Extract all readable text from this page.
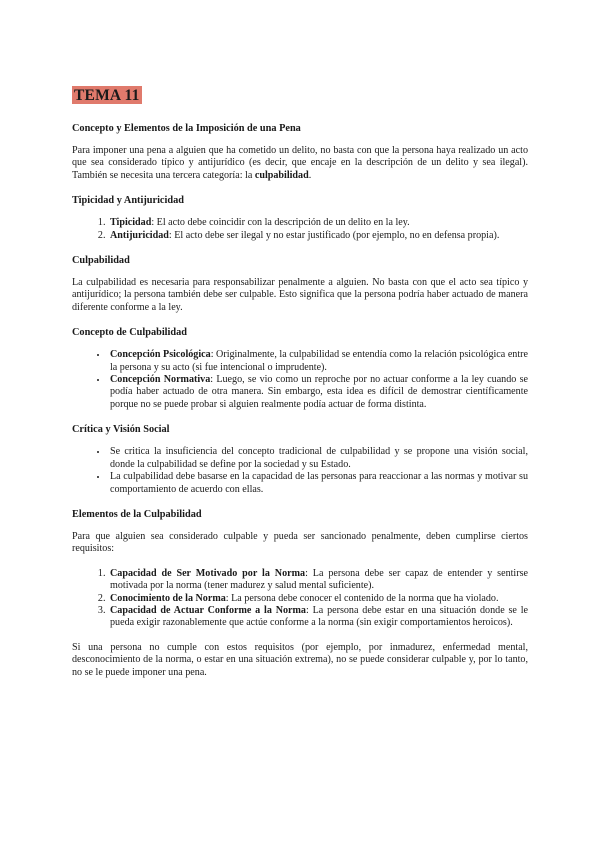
TEMA 11
Concepto y Elementos de la Imposición de una Pena

Para imponer una pena a alguien que ha cometido un delito, no basta con que la persona haya realizado un acto que sea considerado típico y antijurídico (es decir, que encaje en la descripción de un delito y sea ilegal). También se necesita una tercera categoría: la culpabilidad.

Tipicidad y Antijuricidad
1. Tipicidad: El acto debe coincidir con la descripción de un delito en la ley.
2. Antijuricidad: El acto debe ser ilegal y no estar justificado (por ejemplo, no en defensa propia).
Culpabilidad

La culpabilidad es necesaria para responsabilizar penalmente a alguien. No basta con que el acto sea típico y antijurídico; la persona también debe ser culpable. Esto significa que la persona podría haber actuado de manera diferente conforme a la ley.

Concepto de Culpabilidad
• Concepción Psicológica: Originalmente, la culpabilidad se entendía como la relación psicológica entre la persona y su acto (si fue intencional o imprudente).
• Concepción Normativa: Luego, se vio como un reproche por no actuar conforme a la ley cuando se podía haber actuado de otra manera. Sin embargo, esta idea es difícil de demostrar científicamente porque no se puede probar si alguien realmente podía actuar de forma distinta.
Crítica y Visión Social
• Se critica la insuficiencia del concepto tradicional de culpabilidad y se propone una visión social, donde la culpabilidad se define por la sociedad y su Estado.
• La culpabilidad debe basarse en la capacidad de las personas para reaccionar a las normas y motivar su comportamiento de acuerdo con ellas.
Elementos de la Culpabilidad

Para que alguien sea considerado culpable y pueda ser sancionado penalmente, deben cumplirse ciertos requisitos:

1. Capacidad de Ser Motivado por la Norma: La persona debe ser capaz de entender y sentirse motivada por la norma (tener madurez y salud mental suficiente).
2. Conocimiento de la Norma: La persona debe conocer el contenido de la norma que ha violado.
3. Capacidad de Actuar Conforme a la Norma: La persona debe estar en una situación donde se le pueda exigir razonablemente que actúe conforme a la norma (sin exigir comportamientos heroicos).

Si una persona no cumple con estos requisitos (por ejemplo, por inmadurez, enfermedad mental, desconocimiento de la norma, o estar en una situación extrema), no se puede considerar culpable y, por lo tanto, no se le puede imponer una pena.
